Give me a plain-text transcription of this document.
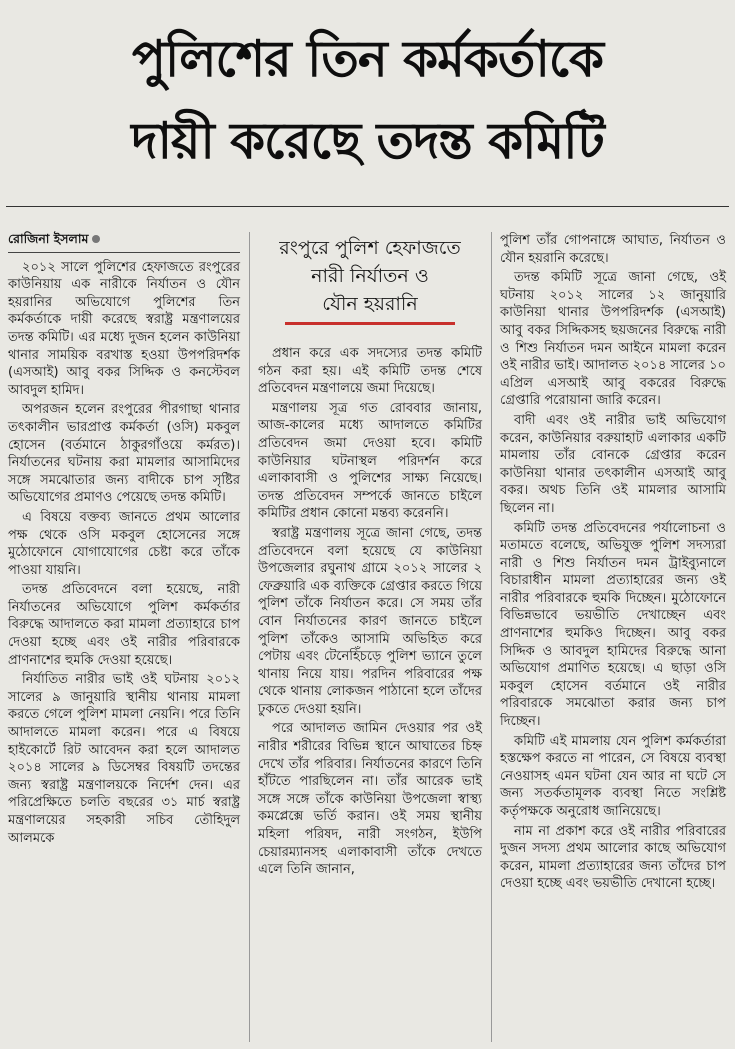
পুলিশের তিন কর্মকর্তাকে
দায়ী করেছে তদন্ত কমিটি
রোজিনা ইসলাম

২০১২ সালে পুলিশের হেফাজতে রংপুরের কাউনিয়ায় এক নারীকে নির্যাতন ও যৌন হয়রানির অভিযোগে পুলিশের তিন কর্মকর্তাকে দায়ী করেছে স্বরাষ্ট্র মন্ত্রণালয়ের তদন্ত কমিটি। এর মধ্যে দুজন হলেন কাউনিয়া থানার সাময়িক বরখাস্ত হওয়া উপপরিদর্শক (এসআই) আবু বকর সিদ্দিক ও কনস্টেবল আবদুল হামিদ।

অপরজন হলেন রংপুরের পীরগাছা থানার তৎকালীন ভারপ্রাপ্ত কর্মকর্তা (ওসি) মকবুল হোসেন (বর্তমানে ঠাকুরগাঁওয়ে কর্মরত)। নির্যাতনের ঘটনায় করা মামলার আসামিদের সঙ্গে সমঝোতার জন্য বাদীকে চাপ সৃষ্টির অভিযোগের প্রমাণও পেয়েছে তদন্ত কমিটি।

এ বিষয়ে বক্তব্য জানতে প্রথম আলোর পক্ষ থেকে ওসি মকবুল হোসেনের সঙ্গে মুঠোফোনে যোগাযোগের চেষ্টা করে তাঁকে পাওয়া যায়নি।

তদন্ত প্রতিবেদনে বলা হয়েছে, নারী নির্যাতনের অভিযোগে পুলিশ কর্মকর্তার বিরুদ্ধে আদালতে করা মামলা প্রত্যাহারে চাপ দেওয়া হচ্ছে এবং ওই নারীর পরিবারকে প্রাণনাশের হুমকি দেওয়া হয়েছে।

নির্যাতিত নারীর ভাই ওই ঘটনায় ২০১২ সালের ৯ জানুয়ারি স্থানীয় থানায় মামলা করতে গেলে পুলিশ মামলা নেয়নি। পরে তিনি আদালতে মামলা করেন। পরে এ বিষয়ে হাইকোর্টে রিট আবেদন করা হলে আদালত ২০১৪ সালের ৯ ডিসেম্বর বিষয়টি তদন্তের জন্য স্বরাষ্ট্র মন্ত্রণালয়কে নির্দেশ দেন। এর পরিপ্রেক্ষিতে চলতি বছরের ৩১ মার্চ স্বরাষ্ট্র মন্ত্রণালয়ের সহকারী সচিব তৌহিদুল আলমকে

রংপুরে পুলিশ হেফাজতে
নারী নির্যাতন ও
যৌন হয়রানি

প্রধান করে এক সদস্যের তদন্ত কমিটি গঠন করা হয়। এই কমিটি তদন্ত শেষে প্রতিবেদন মন্ত্রণালয়ে জমা দিয়েছে।

মন্ত্রণালয় সূত্র গত রোববার জানায়, আজ-কালের মধ্যে আদালতে কমিটির প্রতিবেদন জমা দেওয়া হবে। কমিটি কাউনিয়ার ঘটনাস্থল পরিদর্শন করে এলাকাবাসী ও পুলিশের সাক্ষ্য নিয়েছে। তদন্ত প্রতিবেদন সম্পর্কে জানতে চাইলে কমিটির প্রধান কোনো মন্তব্য করেননি।

স্বরাষ্ট্র মন্ত্রণালয় সূত্রে জানা গেছে, তদন্ত প্রতিবেদনে বলা হয়েছে যে কাউনিয়া উপজেলার রঘুনাথ গ্রামে ২০১২ সালের ২ ফেব্রুয়ারি এক ব্যক্তিকে গ্রেপ্তার করতে গিয়ে পুলিশ তাঁকে নির্যাতন করে। সে সময় তাঁর বোন নির্যাতনের কারণ জানতে চাইলে পুলিশ তাঁকেও আসামি অভিহিত করে পেটায় এবং টেনেহিঁচড়ে পুলিশ ভ্যানে তুলে থানায় নিয়ে যায়। পরদিন পরিবারের পক্ষ থেকে থানায় লোকজন পাঠানো হলে তাঁদের ঢুকতে দেওয়া হয়নি।

পরে আদালত জামিন দেওয়ার পর ওই নারীর শরীরের বিভিন্ন স্থানে আঘাতের চিহ্ন দেখে তাঁর পরিবার। নির্যাতনের কারণে তিনি হাঁটতে পারছিলেন না। তাঁর আরেক ভাই সঙ্গে সঙ্গে তাঁকে কাউনিয়া উপজেলা স্বাস্থ্য কমপ্লেক্সে ভর্তি করান। ওই সময় স্থানীয় মহিলা পরিষদ, নারী সংগঠন, ইউপি চেয়ারম্যানসহ এলাকাবাসী তাঁকে দেখতে এলে তিনি জানান,

পুলিশ তাঁর গোপনাঙ্গে আঘাত, নির্যাতন ও যৌন হয়রানি করেছে।

তদন্ত কমিটি সূত্রে জানা গেছে, ওই ঘটনায় ২০১২ সালের ১২ জানুয়ারি কাউনিয়া থানার উপপরিদর্শক (এসআই) আবু বকর সিদ্দিকসহ ছয়জনের বিরুদ্ধে নারী ও শিশু নির্যাতন দমন আইনে মামলা করেন ওই নারীর ভাই। আদালত ২০১৪ সালের ১০ এপ্রিল এসআই আবু বকরের বিরুদ্ধে গ্রেপ্তারি পরোয়ানা জারি করেন।

বাদী এবং ওই নারীর ভাই অভিযোগ করেন, কাউনিয়ার বরুয়াহাট এলাকার একটি মামলায় তাঁর বোনকে গ্রেপ্তার করেন কাউনিয়া থানার তৎকালীন এসআই আবু বকর। অথচ তিনি ওই মামলার আসামি ছিলেন না।

কমিটি তদন্ত প্রতিবেদনের পর্যালোচনা ও মতামতে বলেছে, অভিযুক্ত পুলিশ সদস্যরা নারী ও শিশু নির্যাতন দমন ট্রাইব্যুনালে বিচারাধীন মামলা প্রত্যাহারের জন্য ওই নারীর পরিবারকে হুমকি দিচ্ছেন। মুঠোফোনে বিভিন্নভাবে ভয়ভীতি দেখাচ্ছেন এবং প্রাণনাশের হুমকিও দিচ্ছেন। আবু বকর সিদ্দিক ও আবদুল হামিদের বিরুদ্ধে আনা অভিযোগ প্রমাণিত হয়েছে। এ ছাড়া ওসি মকবুল হোসেন বর্তমানে ওই নারীর পরিবারকে সমঝোতা করার জন্য চাপ দিচ্ছেন।

কমিটি এই মামলায় যেন পুলিশ কর্মকর্তারা হস্তক্ষেপ করতে না পারেন, সে বিষয়ে ব্যবস্থা নেওয়াসহ এমন ঘটনা যেন আর না ঘটে সে জন্য সতর্কতামূলক ব্যবস্থা নিতে সংশ্লিষ্ট কর্তৃপক্ষকে অনুরোধ জানিয়েছে।

নাম না প্রকাশ করে ওই নারীর পরিবারের দুজন সদস্য প্রথম আলোর কাছে অভিযোগ করেন, মামলা প্রত্যাহারের জন্য তাঁদের চাপ দেওয়া হচ্ছে এবং ভয়ভীতি দেখানো হচ্ছে।
